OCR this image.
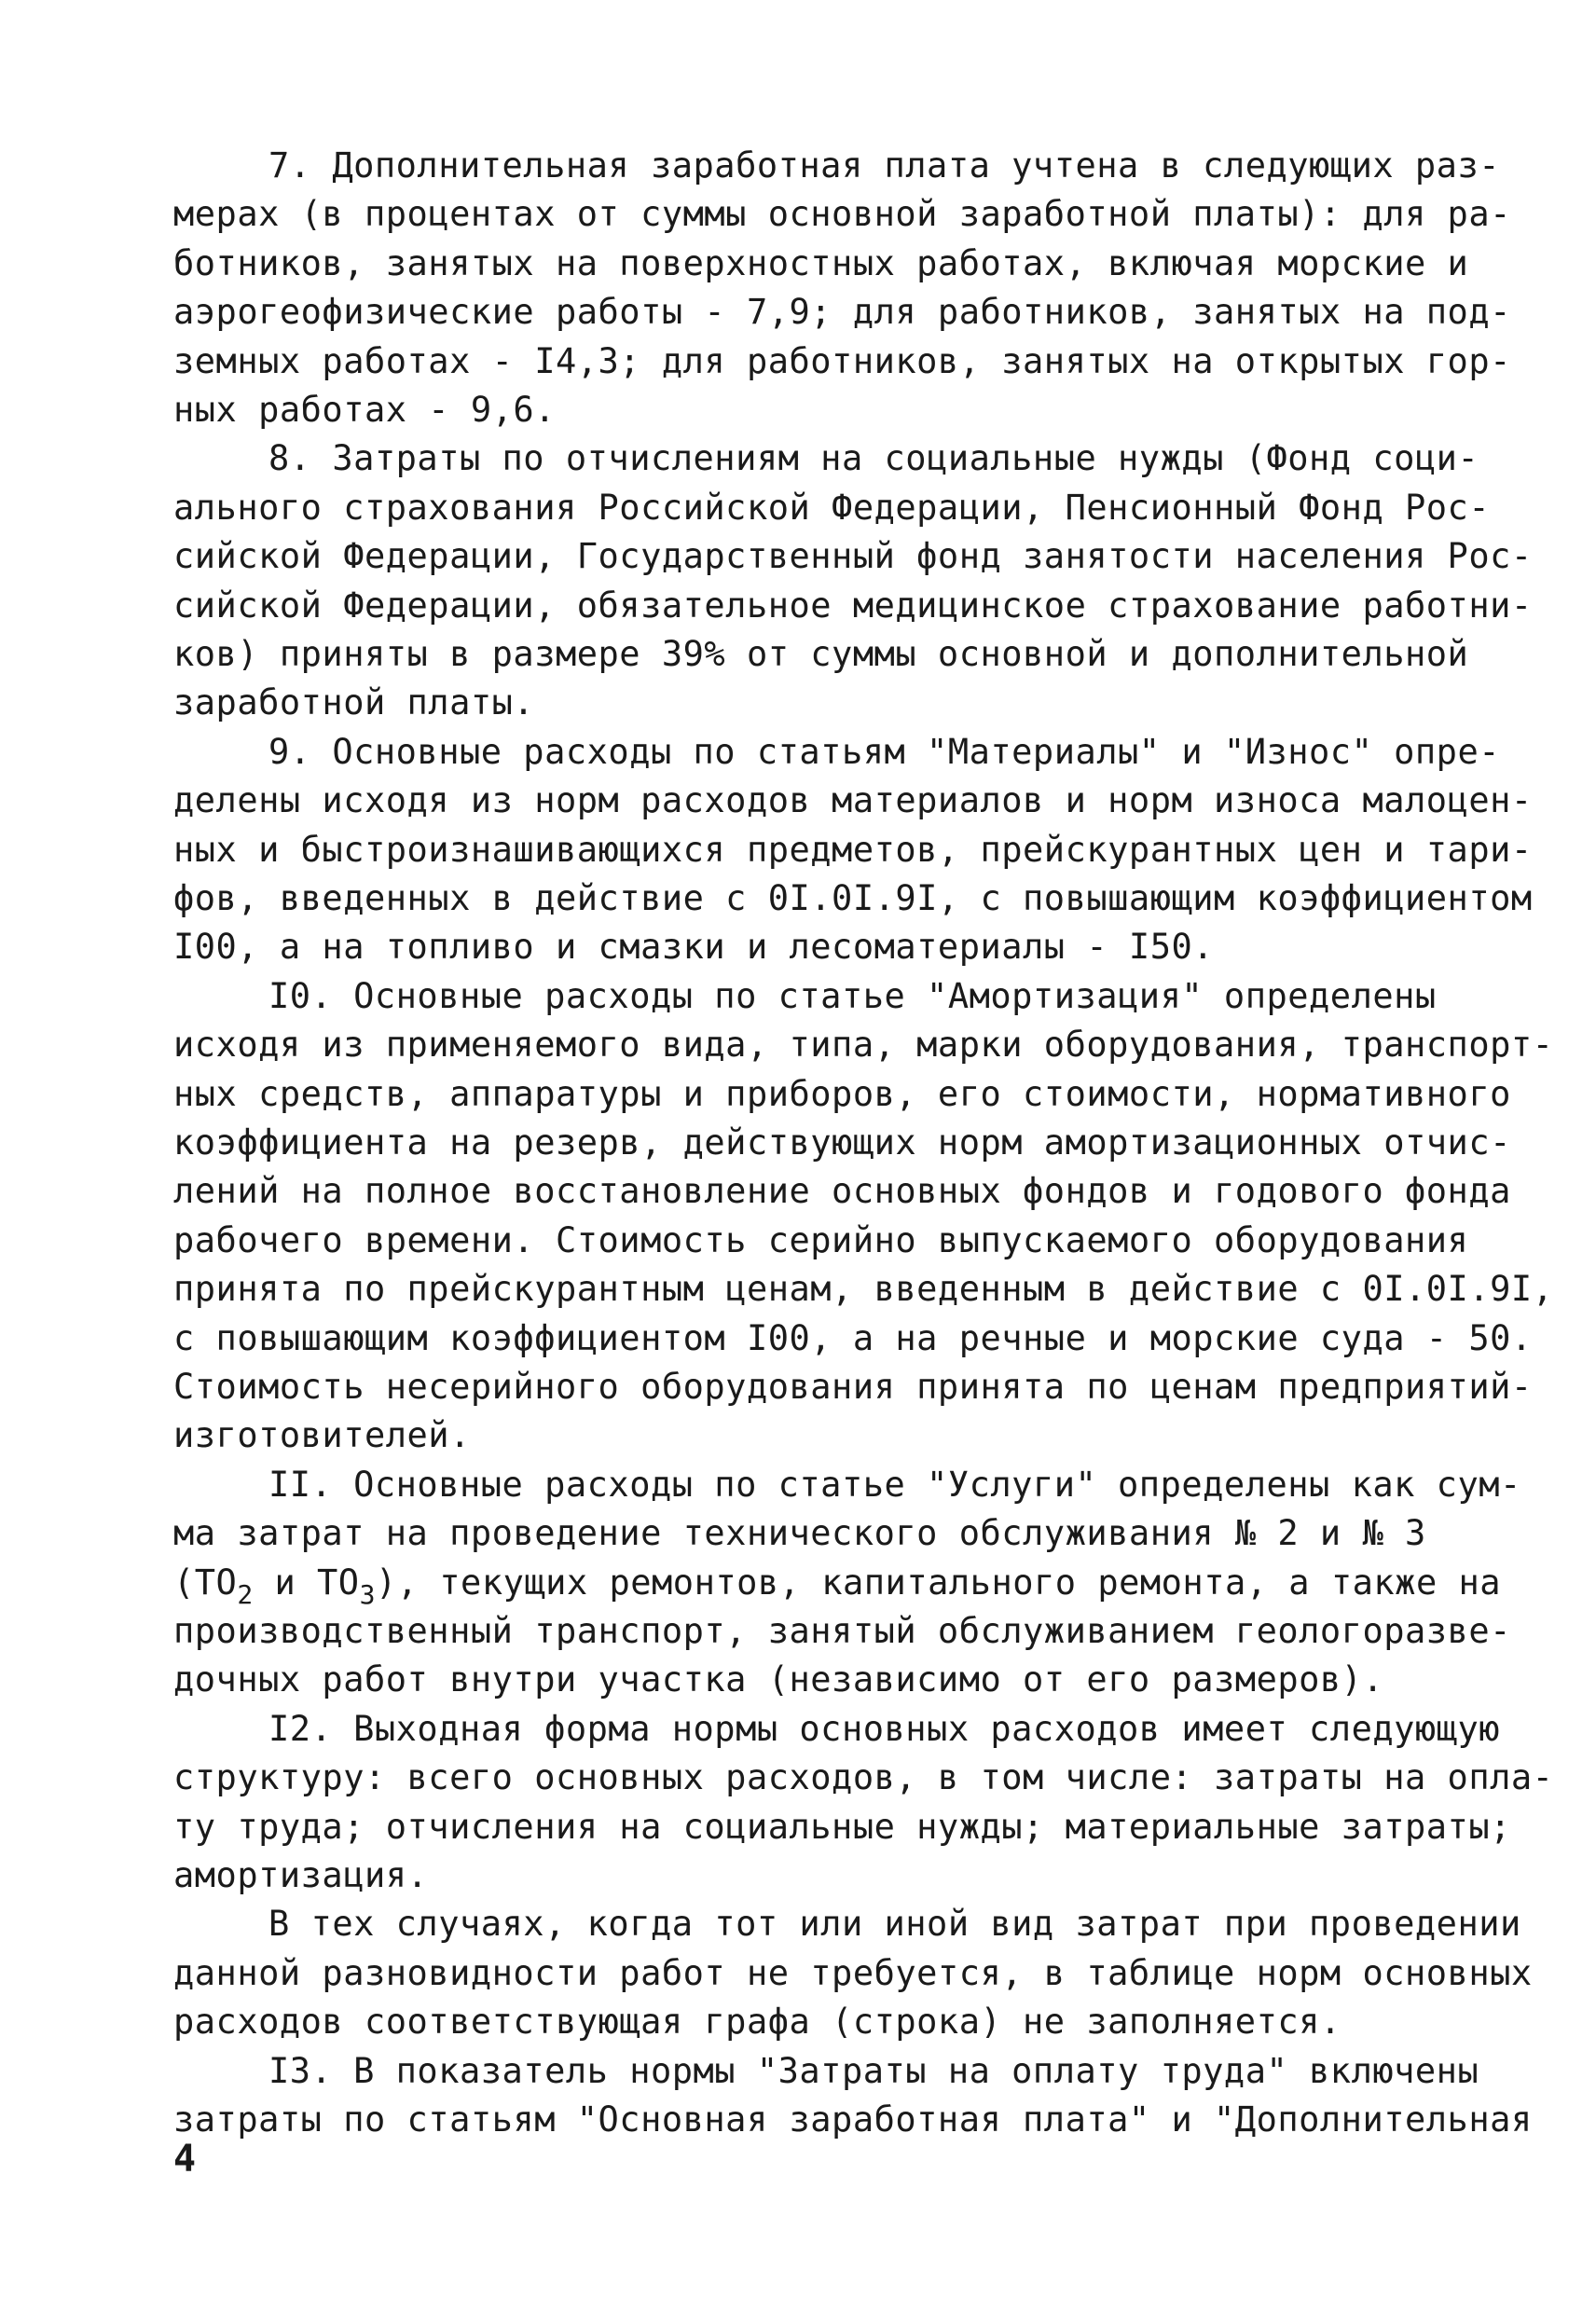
7. Дополнительная заработная плата учтена в следующих раз-
мерах (в процентах от суммы основной заработной платы): для ра-
ботников, занятых на поверхностных работах, включая морские и
аэрогеофизические работы - 7,9; для работников, занятых на под-
земных работах - I4,3; для работников, занятых на открытых гор-
ных работах - 9,6.
8. Затраты по отчислениям на социальные нужды (Фонд соци-
ального страхования Российской Федерации, Пенсионный Фонд Рос-
сийской Федерации, Государственный фонд занятости населения Рос-
сийской Федерации, обязательное медицинское страхование работни-
ков) приняты в размере 39% от суммы основной и дополнительной
заработной платы.
9. Основные расходы по статьям "Материалы" и "Износ" опре-
делены исходя из норм расходов материалов и норм износа малоцен-
ных и быстроизнашивающихся предметов, прейскурантных цен и тари-
фов, введенных в действие с 0I.0I.9I, с повышающим коэффициентом
I00, а на топливо и смазки и лесоматериалы - I50.
I0. Основные расходы по статье "Амортизация" определены
исходя из применяемого вида, типа, марки оборудования, транспорт-
ных средств, аппаратуры и приборов, его стоимости, нормативного
коэффициента на резерв, действующих норм амортизационных отчис-
лений на полное восстановление основных фондов и годового фонда
рабочего времени. Стоимость серийно выпускаемого оборудования
принята по прейскурантным ценам, введенным в действие с 0I.0I.9I,
с повышающим коэффициентом I00, а на речные и морские суда - 50.
Стоимость несерийного оборудования принята по ценам предприятий-
изготовителей.
II. Основные расходы по статье "Услуги" определены как сум-
ма затрат на проведение технического обслуживания № 2 и № 3
($ТО_2$ и $ТО_3$), текущих ремонтов, капитального ремонта, а также на
производственный транспорт, занятый обслуживанием геологоразве-
дочных работ внутри участка (независимо от его размеров).
I2. Выходная форма нормы основных расходов имеет следующую
структуру: всего основных расходов, в том числе: затраты на опла-
ту труда; отчисления на социальные нужды; материальные затраты;
амортизация.
В тех случаях, когда тот или иной вид затрат при проведении
данной разновидности работ не требуется, в таблице норм основных
расходов соответствующая графа (строка) не заполняется.
I3. В показатель нормы "Затраты на оплату труда" включены
затраты по статьям "Основная заработная плата" и "Дополнительная
4
